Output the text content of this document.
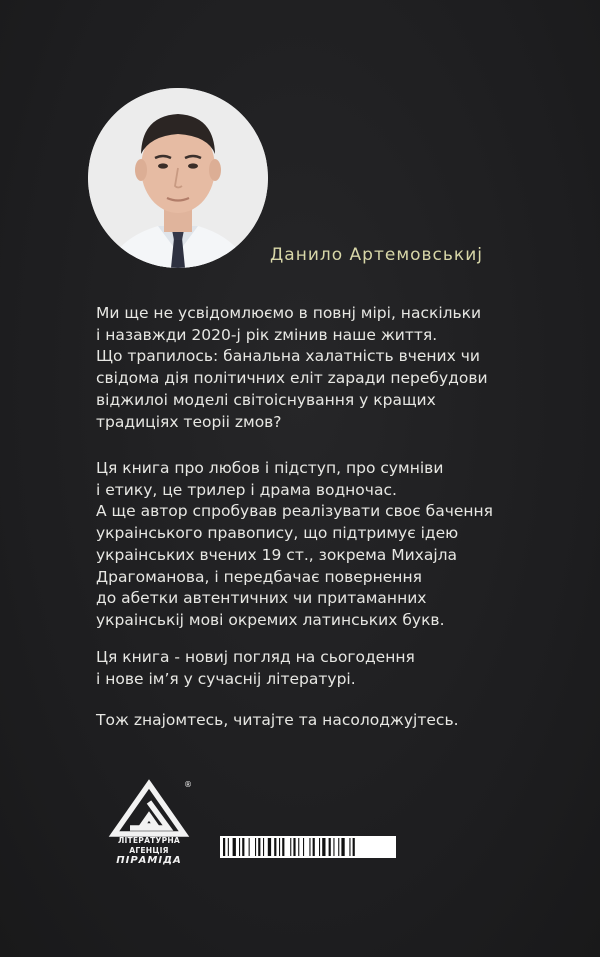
Данило Артемовськиj
Ми ще не усвідомлюємо в повнj мірі, наскільки
і назавжди 2020-j рік zмінив наше життя.
Що трапилось: банальна халатність вчених чи
свідома дія політичних еліт zаради перебудови
віджилоі моделі світоіснування у кращих
традиціях теоріі zмов?
Ця книга про любов і підступ, про сумніви
і етику, це трилер і драма водночас.
А ще автор спробував реалізувати своє бачення
украінського правопису, що підтримує ідею
украінських вчених 19 ст., зокрема Михаjла
Драгоманова, і передбачає повернення
до абетки автентичних чи притаманних
украінськіj мові окремих латинських букв.
Ця книга - новиj погляд на сьогодення
і нове ім’я у сучаснij літературі.
Тож zнаjомтесь, читаjте та насолоджуjтесь.
®
ЛІТЕРАТУРНА АГЕНЦІЯ
ПІРАМІДА
